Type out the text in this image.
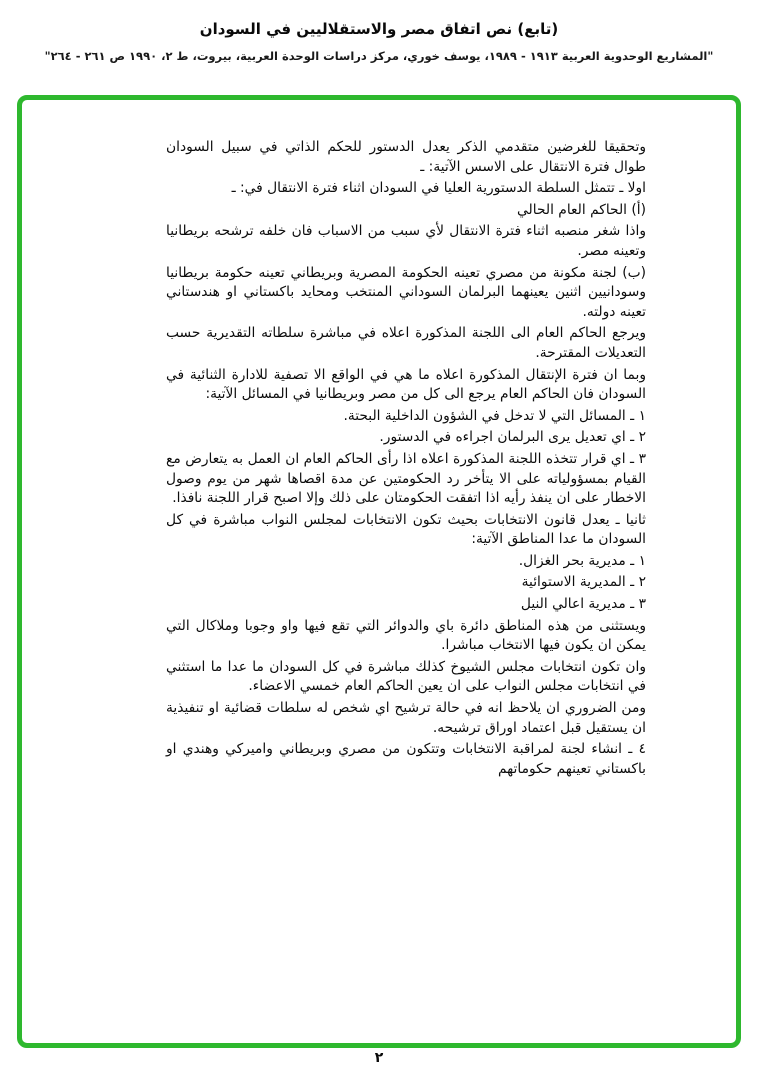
(تابع) نص اتفاق مصر والاستقلاليين في السودان
"المشاريع الوحدوية العربية ١٩١٣ - ١٩٨٩، يوسف خوري، مركز دراسات الوحدة العربية، بيروت، ط ٢، ١٩٩٠ ص ٢٦١ - ٢٦٤"

وتحقيقا للغرضين متقدمي الذكر يعدل الدستور للحكم الذاتي في سبيل السودان طوال فترة الانتقال على الاسس الآتية: ـ

اولا ـ تتمثل السلطة الدستورية العليا في السودان اثناء فترة الانتقال في: ـ

(أ) الحاكم العام الحالي

واذا شغر منصبه اثناء فترة الانتقال لأي سبب من الاسباب فان خلفه ترشحه بريطانيا وتعينه مصر.

(ب) لجنة مكونة من مصري تعينه الحكومة المصرية وبريطاني تعينه حكومة بريطانيا وسودانيين اثنين يعينهما البرلمان السوداني المنتخب ومحايد باكستاني او هندستاني تعينه دولته.

ويرجع الحاكم العام الى اللجنة المذكورة اعلاه في مباشرة سلطاته التقديرية حسب التعديلات المقترحة.

وبما ان فترة الإنتقال المذكورة اعلاه ما هي في الواقع الا تصفية للادارة الثنائية في السودان فان الحاكم العام يرجع الى كل من مصر وبريطانيا في المسائل الآتية:

١ ـ المسائل التي لا تدخل في الشؤون الداخلية البحتة.

٢ ـ اي تعديل يرى البرلمان اجراءه في الدستور.

٣ ـ اي قرار تتخذه اللجنة المذكورة اعلاه اذا رأى الحاكم العام ان العمل به يتعارض مع القيام بمسؤولياته على الا يتأخر رد الحكومتين عن مدة اقصاها شهر من يوم وصول الاخطار على ان ينفذ رأيه اذا اتفقت الحكومتان على ذلك وإلا اصبح قرار اللجنة نافذا.

ثانيا ـ يعدل قانون الانتخابات بحيث تكون الانتخابات لمجلس النواب مباشرة في كل السودان ما عدا المناطق الآتية:

١ ـ مديرية بحر الغزال.

٢ ـ المديرية الاستوائية

٣ ـ مديرية اعالي النيل

ويستثنى من هذه المناطق دائرة باي والدوائر التي تقع فيها واو وجوبا وملاكال التي يمكن ان يكون فيها الانتخاب مباشرا.

وان تكون انتخابات مجلس الشيوخ كذلك مباشرة في كل السودان ما عدا ما استثني في انتخابات مجلس النواب على ان يعين الحاكم العام خمسي الاعضاء.

ومن الضروري ان يلاحظ انه في حالة ترشيح اي شخص له سلطات قضائية او تنفيذية ان يستقيل قبل اعتماد اوراق ترشيحه.

٤ ـ انشاء لجنة لمراقبة الانتخابات وتتكون من مصري وبريطاني واميركي وهندي او باكستاني تعينهم حكوماتهم

٢
